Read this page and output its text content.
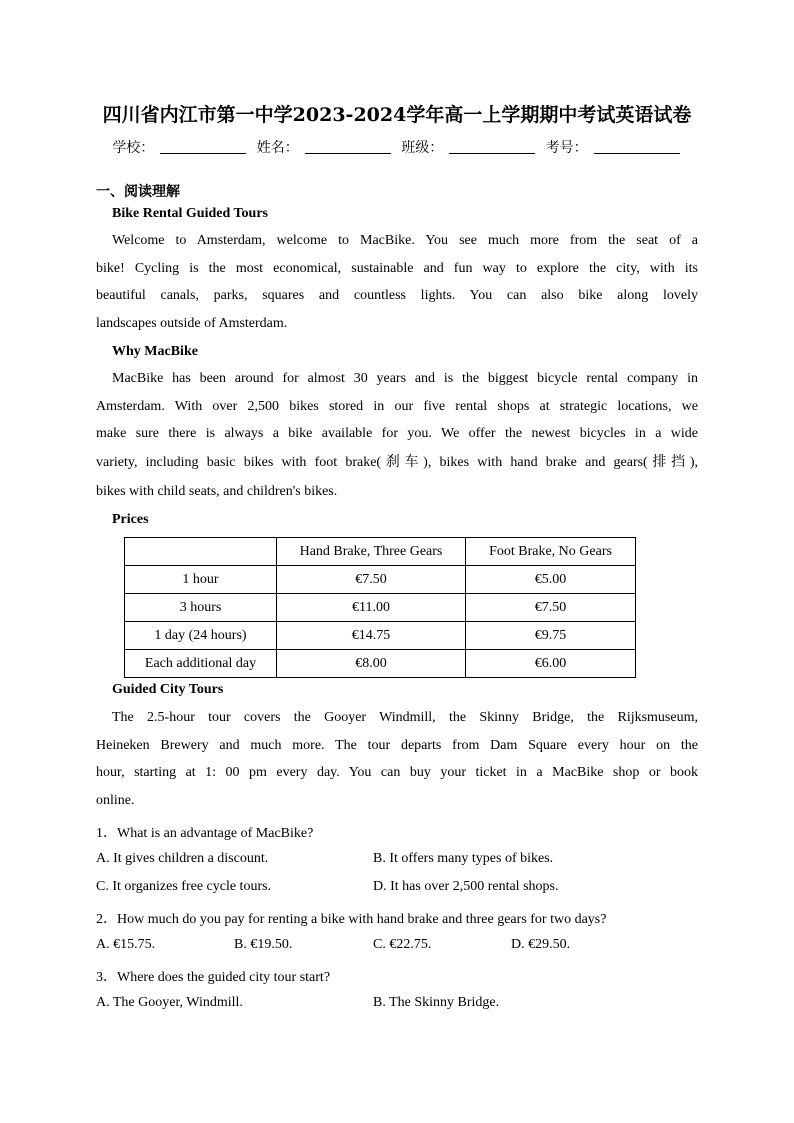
四川省内江市第一中学2023-2024学年高一上学期期中考试英语试卷
学校：	姓名：	班级：	考号：
一、阅读理解
Bike Rental Guided Tours
Welcome to Amsterdam, welcome to MacBike. You see much more from the seat of a
bike! Cycling is the most economical, sustainable and fun way to explore the city, with its
beautiful canals, parks, squares and countless lights. You can also bike along lovely
landscapes outside of Amsterdam.
Why MacBike
MacBike has been around for almost 30 years and is the biggest bicycle rental company in
Amsterdam. With over 2,500 bikes stored in our five rental shops at strategic locations, we
make sure there is always a bike available for you. We offer the newest bicycles in a wide
variety, including basic bikes with foot brake(刹车), bikes with hand brake and gears(排挡),
bikes with child seats, and children's bikes.
Prices
	Hand Brake, Three Gears	Foot Brake, No Gears
1 hour	€7.50	€5.00
3 hours	€11.00	€7.50
1 day (24 hours)	€14.75	€9.75
Each additional day	€8.00	€6.00
Guided City Tours
The 2.5-hour tour covers the Gooyer Windmill, the Skinny Bridge, the Rijksmuseum,
Heineken Brewery and much more. The tour departs from Dam Square every hour on the
hour, starting at 1: 00 pm every day. You can buy your ticket in a MacBike shop or book
online.
1．What is an advantage of MacBike?
A. It gives children a discount.	B. It offers many types of bikes.
C. It organizes free cycle tours.	D. It has over 2,500 rental shops.
2．How much do you pay for renting a bike with hand brake and three gears for two days?
A. €15.75.	B. €19.50.	C. €22.75.	D. €29.50.
3．Where does the guided city tour start?
A. The Gooyer, Windmill.	B. The Skinny Bridge.
